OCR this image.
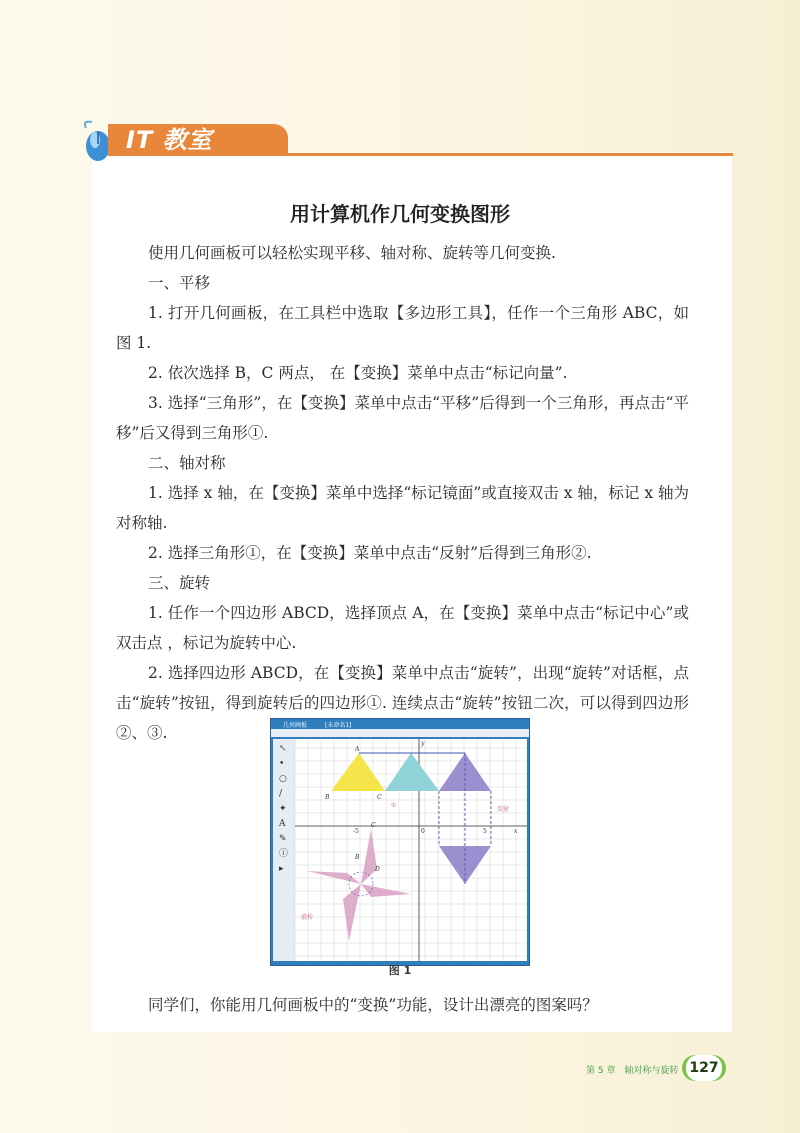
IT 教室
用计算机作几何变换图形
使用几何画板可以轻松实现平移、轴对称、旋转等几何变换.
一、平移
1. 打开几何画板，在工具栏中选取【多边形工具】，任作一个三角形 ABC，如图 1.
2. 依次选择 B，C 两点， 在【变换】菜单中点击“标记向量”.
3. 选择“三角形”，在【变换】菜单中点击“平移”后得到一个三角形，再点击“平移”后又得到三角形①.
二、轴对称
1. 选择 x 轴，在【变换】菜单中选择“标记镜面”或直接双击 x 轴，标记 x 轴为对称轴.
2. 选择三角形①，在【变换】菜单中点击“反射”后得到三角形②.
三、旋转
1. 任作一个四边形 ABCD，选择顶点 A，在【变换】菜单中点击“标记中心”或双击点 ，标记为旋转中心.
2. 选择四边形 ABCD，在【变换】菜单中点击“旋转”，出现“旋转”对话框，点击“旋转”按钮，得到旋转后的四边形①. 连续点击“旋转”按钮二次，可以得到四边形②、③.	几何画板	[未命名1]
↖
•
○
/
✦
A
✎
ⓘ
▸
x
y
-5	0	5
A
B	C
①
反射
C
B
D
旋转
图 1
同学们，你能用几何画板中的“变换”功能，设计出漂亮的图案吗？
第 5 章　轴对称与旋转 127
